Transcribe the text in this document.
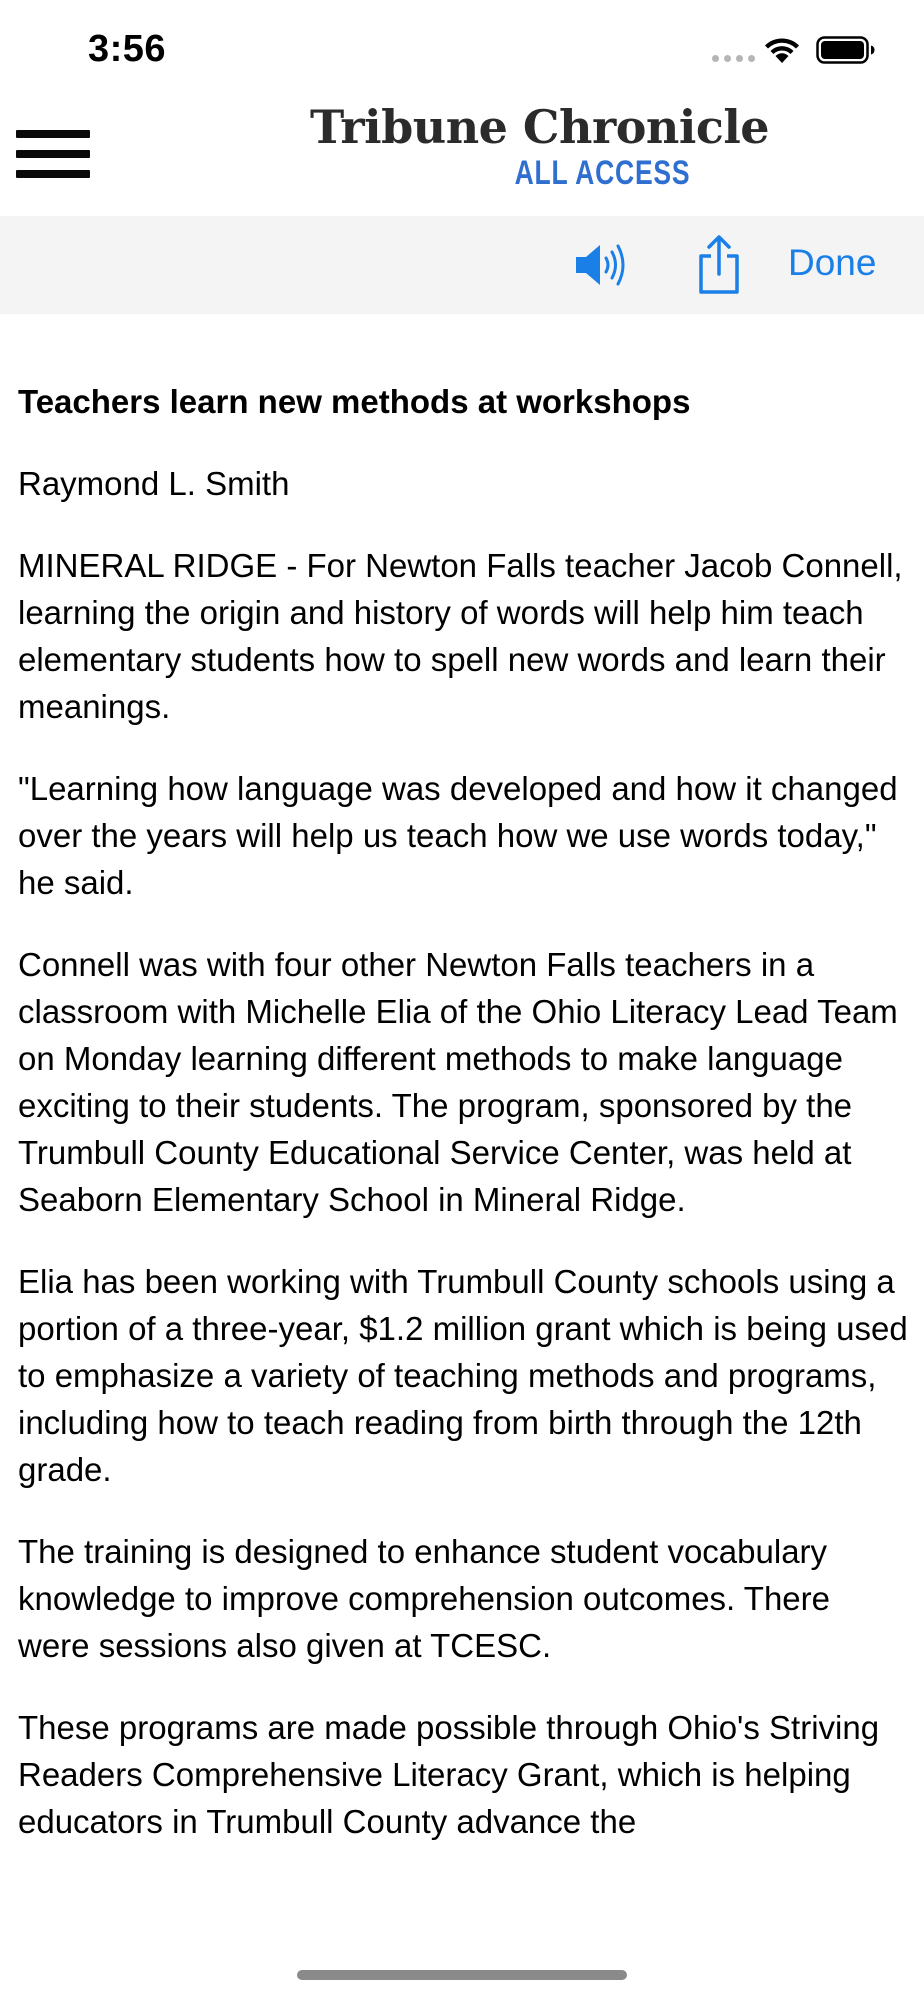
3:56
Tribune Chronicle
ALL ACCESS
Done
Teachers learn new methods at workshops
Raymond L. Smith

MINERAL RIDGE - For Newton Falls teacher Jacob Connell, learning the origin and history of words will help him teach elementary students how to spell new words and learn their meanings.

"Learning how language was developed and how it changed over the years will help us teach how we use words today," he said.

Connell was with four other Newton Falls teachers in a classroom with Michelle Elia of the Ohio Literacy Lead Team on Monday learning different methods to make language exciting to their students. The program, sponsored by the Trumbull County Educational Service Center, was held at Seaborn Elementary School in Mineral Ridge.

Elia has been working with Trumbull County schools using a portion of a three-year, $1.2 million grant which is being used to emphasize a variety of teaching methods and programs, including how to teach reading from birth through the 12th grade.

The training is designed to enhance student vocabulary knowledge to improve comprehension outcomes. There were sessions also given at TCESC.

These programs are made possible through Ohio's Striving Readers Comprehensive Literacy Grant, which is helping educators in Trumbull County advance the
